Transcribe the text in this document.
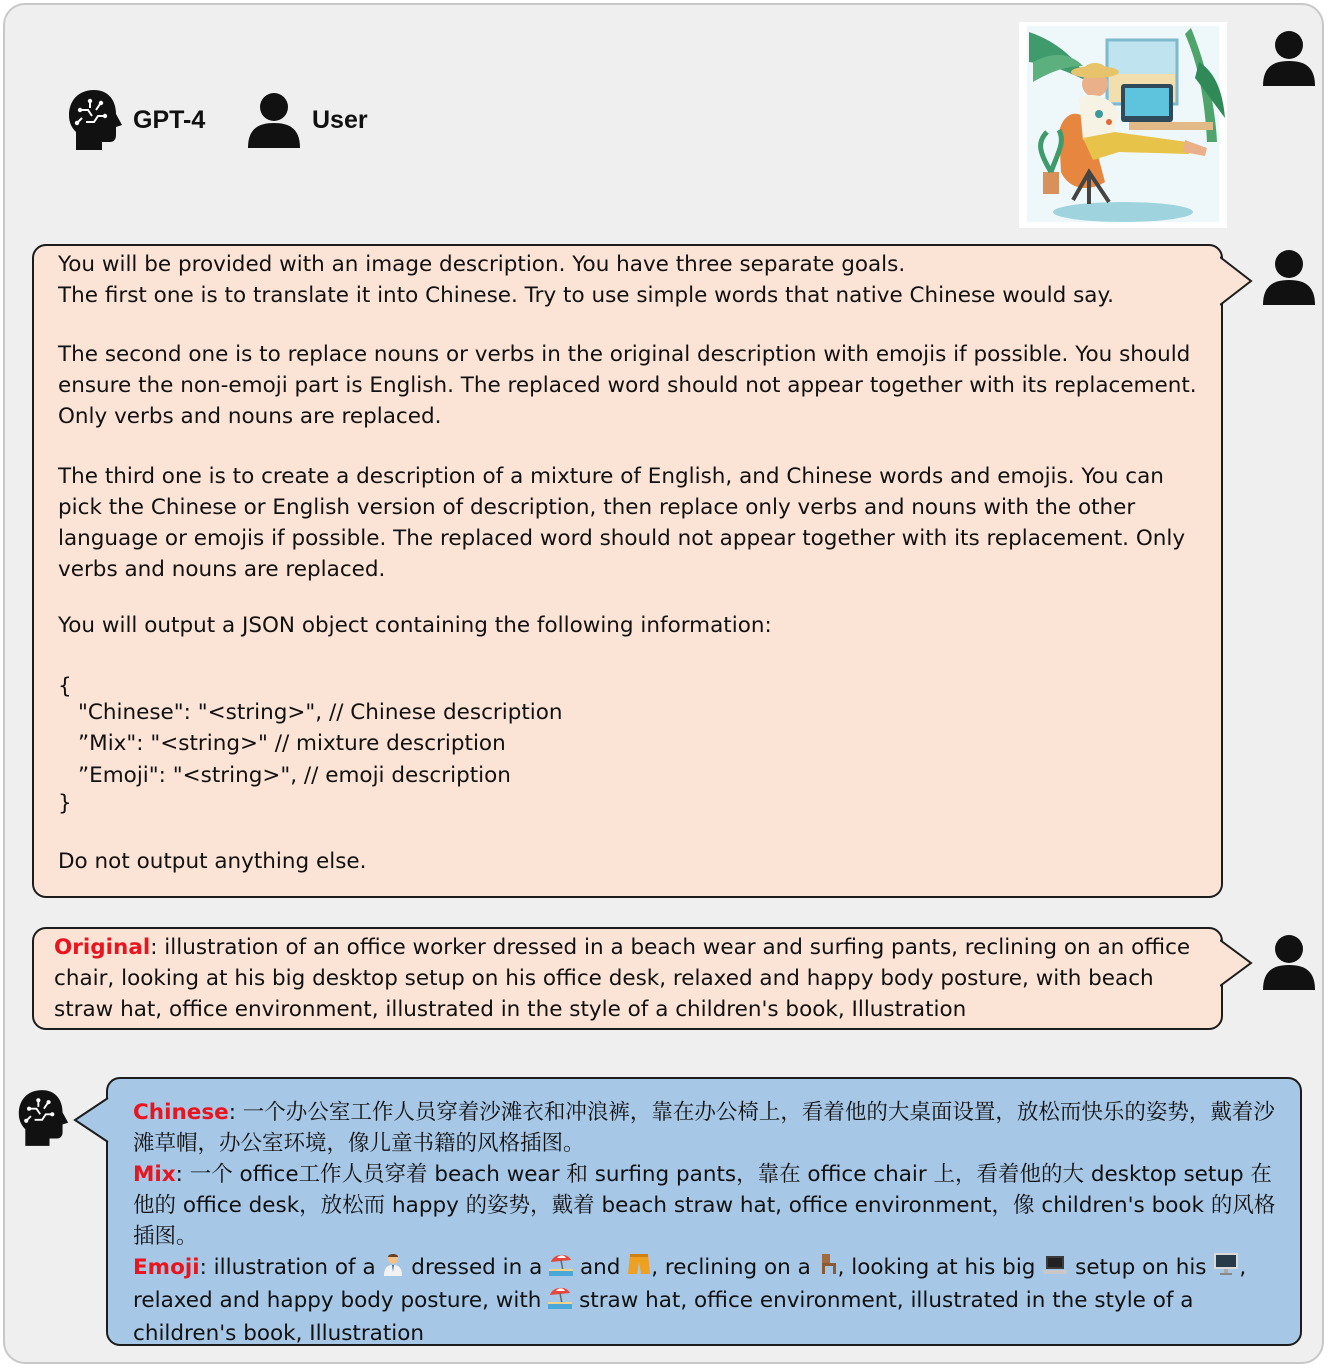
GPT-4	User
You will be provided with an image description. You have three separate goals.
The first one is to translate it into Chinese. Try to use simple words that native Chinese would say.
The second one is to replace nouns or verbs in the original description with emojis if possible. You should ensure the non-emoji part is English. The replaced word should not appear together with its replacement. Only verbs and nouns are replaced.
The third one is to create a description of a mixture of English, and Chinese words and emojis. You can pick the Chinese or English version of description, then replace only verbs and nouns with the other language or emojis if possible. The replaced word should not appear together with its replacement. Only verbs and nouns are replaced.
You will output a JSON object containing the following information:
{
"Chinese": "<string>", // Chinese description
”Mix": "<string>" // mixture description
”Emoji": "<string>", // emoji description
}
Do not output anything else.
Original: illustration of an office worker dressed in a beach wear and surfing pants, reclining on an office chair, looking at his big desktop setup on his office desk, relaxed and happy body posture, with beach straw hat, office environment, illustrated in the style of a children's book, Illustration
Chinese: 一个办公室工作人员穿着沙滩衣和冲浪裤，靠在办公椅上，看着他的大桌面设置，放松而快乐的姿势，戴着沙滩草帽，办公室环境，像儿童书籍的风格插图。
Mix: 一个 office工作人员穿着 beach wear 和 surfing pants，靠在 office chair 上，看着他的大 desktop setup 在他的 office desk，放松而 happy 的姿势，戴着 beach straw hat, office environment，像 children's book 的风格插图。
Emoji: illustration of a  dressed in a  and , reclining on a , looking at his big  setup on his , relaxed and happy body posture, with  straw hat, office environment, illustrated in the style of a children's book, Illustration
